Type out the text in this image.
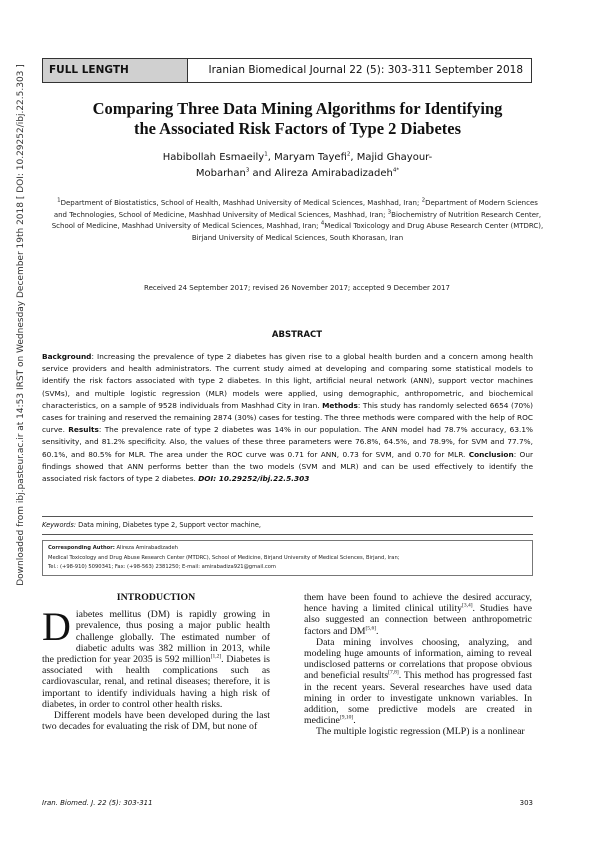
Downloaded from ibj.pasteur.ac.ir at 14:53 IRST on Wednesday December 19th 2018 [ DOI: 10.29252/ibj.22.5.303 ]	FULL LENGTH	Iranian Biomedical Journal 22 (5): 303-311 September 2018
Comparing Three Data Mining Algorithms for Identifying
the Associated Risk Factors of Type 2 Diabetes
Habibollah Esmaeily$^1$, Maryam Tayefi$^2$, Majid Ghayour-Mobarhan$^3$ and Alireza Amirabadizadeh$^{4*}$
$^1$Department of Biostatistics, School of Health, Mashhad University of Medical Sciences, Mashhad, Iran; $^2$Department of Modern Sciences and Technologies, School of Medicine, Mashhad University of Medical Sciences, Mashhad, Iran; $^3$Biochemistry of Nutrition Research Center, School of Medicine, Mashhad University of Medical Sciences, Mashhad, Iran; $^4$Medical Toxicology and Drug Abuse Research Center (MTDRC), Birjand University of Medical Sciences, South Khorasan, Iran
Received 24 September 2017; revised 26 November 2017; accepted 9 December 2017
ABSTRACT
Background: Increasing the prevalence of type 2 diabetes has given rise to a global health burden and a concern among health service providers and health administrators. The current study aimed at developing and comparing some statistical models to identify the risk factors associated with type 2 diabetes. In this light, artificial neural network (ANN), support vector machines (SVMs), and multiple logistic regression (MLR) models were applied, using demographic, anthropometric, and biochemical characteristics, on a sample of 9528 individuals from Mashhad City in Iran. Methods: This study has randomly selected 6654 (70%) cases for training and reserved the remaining 2874 (30%) cases for testing. The three methods were compared with the help of ROC curve. Results: The prevalence rate of type 2 diabetes was 14% in our population. The ANN model had 78.7% accuracy, 63.1% sensitivity, and 81.2% specificity. Also, the values of these three parameters were 76.8%, 64.5%, and 78.9%, for SVM and 77.7%, 60.1%, and 80.5% for MLR. The area under the ROC curve was 0.71 for ANN, 0.73 for SVM, and 0.70 for MLR. Conclusion: Our findings showed that ANN performs better than the two models (SVM and MLR) and can be used effectively to identify the associated risk factors of type 2 diabetes. DOI: 10.29252/ibj.22.5.303
Keywords: Data mining, Diabetes type 2, Support vector machine,
Corresponding Author: Alireza Amirabadizadeh
Medical Toxicology and Drug Abuse Research Center (MTDRC), School of Medicine, Birjand University of Medical Sciences, Birjand, Iran;
Tel.: (+98-910) 5090341; Fax: (+98-563) 2381250; E-mail: amirabadiza921@gmail.com
INTRODUCTION

Diabetes mellitus (DM) is rapidly growing in prevalence, thus posing a major public health challenge globally. The estimated number of diabetic adults was 382 million in 2013, while the prediction for year 2035 is 592 million[1,2]. Diabetes is associated with health complications such as cardiovascular, renal, and retinal diseases; therefore, it is important to identify individuals having a high risk of diabetes, in order to control other health risks.

Different models have been developed during the last two decades for evaluating the risk of DM, but none of

them have been found to achieve the desired accuracy, hence having a limited clinical utility[3,4]. Studies have also suggested an connection between anthropometric factors and DM[5,6].

Data mining involves choosing, analyzing, and modeling huge amounts of information, aiming to reveal undisclosed patterns or correlations that propose obvious and beneficial results[7,8]. This method has progressed fast in the recent years. Several researches have used data mining in order to investigate unknown variables. In addition, some predictive models are created in medicine[9,10].

The multiple logistic regression (MLP) is a nonlinear

Iran. Biomed. J. 22 (5): 303-311	303
